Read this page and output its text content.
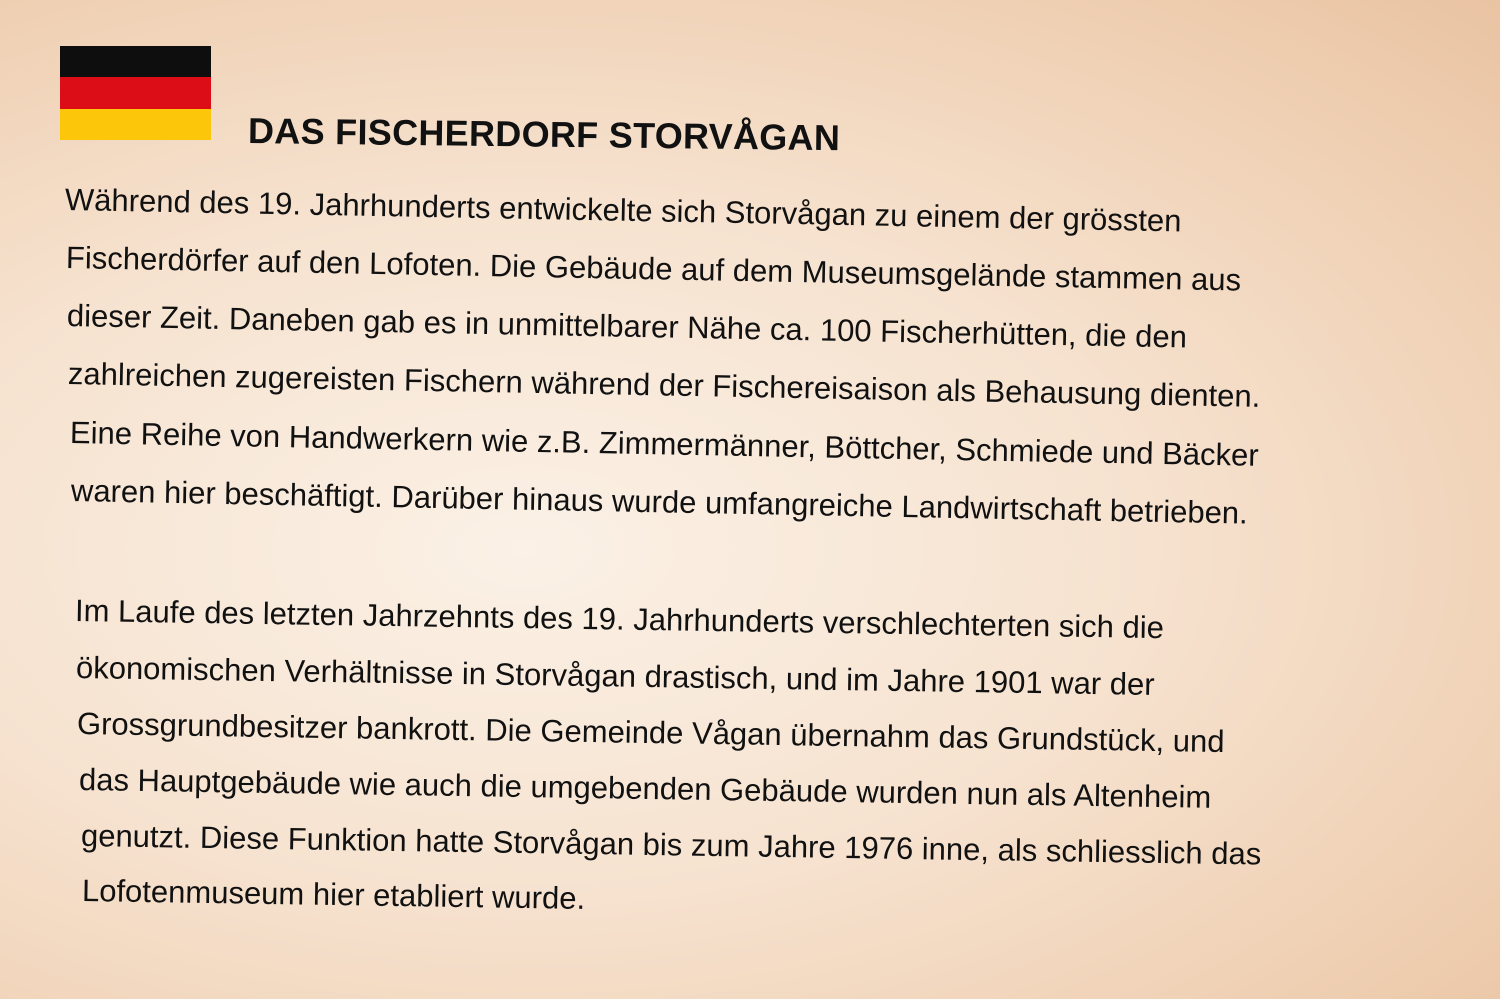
DAS FISCHERDORF STORVÅGAN

Während des 19. Jahrhunderts entwickelte sich Storvågan zu einem der grössten

Fischerdörfer auf den Lofoten. Die Gebäude auf dem Museumsgelände stammen aus

dieser Zeit. Daneben gab es in unmittelbarer Nähe ca. 100 Fischerhütten, die den

zahlreichen zugereisten Fischern während der Fischereisaison als Behausung dienten.

Eine Reihe von Handwerkern wie z.B. Zimmermänner, Böttcher, Schmiede und Bäcker

waren hier beschäftigt. Darüber hinaus wurde umfangreiche Landwirtschaft betrieben.

Im Laufe des letzten Jahrzehnts des 19. Jahrhunderts verschlechterten sich die

ökonomischen Verhältnisse in Storvågan drastisch, und im Jahre 1901 war der

Grossgrundbesitzer bankrott. Die Gemeinde Vågan übernahm das Grundstück, und

das Hauptgebäude wie auch die umgebenden Gebäude wurden nun als Altenheim

genutzt. Diese Funktion hatte Storvågan bis zum Jahre 1976 inne, als schliesslich das

Lofotenmuseum hier etabliert wurde.
